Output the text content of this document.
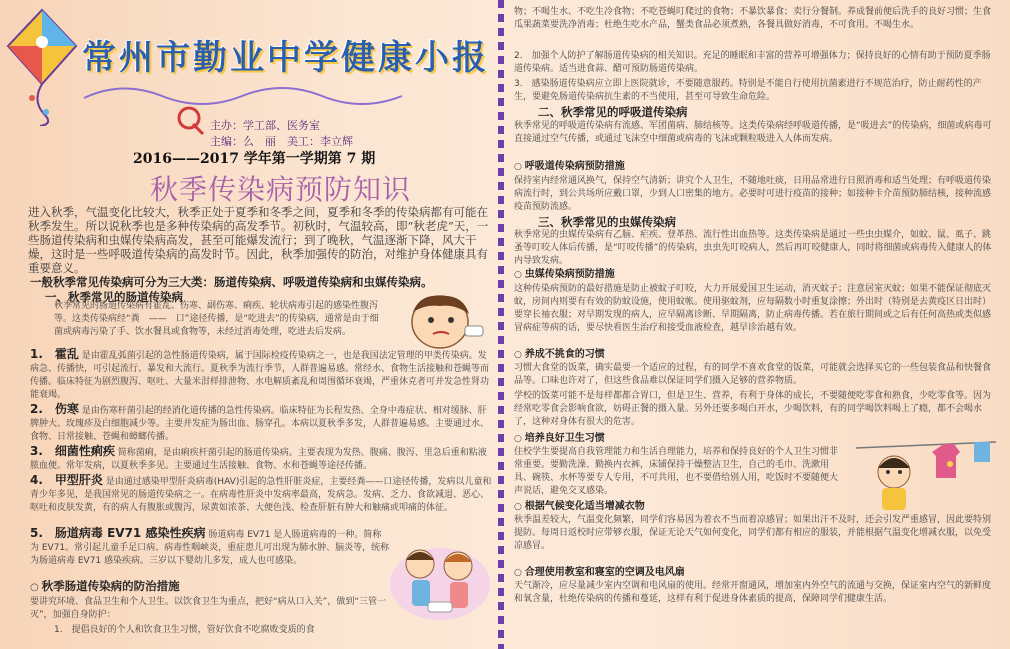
常州市勤业中学健康小报
主办：学工部、医务室
主编：么　丽　美工：李立辉
2016——2017 学年第一学期第 7 期
秋季传染病预防知识
进入秋季，气温变化比较大，秋季正处于夏季和冬季之间，夏季和冬季的传染病都有可能在秋季发生。所以说秋季也是多种传染病的高发季节。初秋时，气温较高，即“秋老虎”天，一些肠道传染病和虫媒传染病高发，甚至可能爆发流行；到了晚秋，气温逐渐下降，风大干燥，这时是一些呼吸道传染病的高发时节。因此，秋季加强传的防治，对维护身体健康具有重要意义。
一般秋季常见传染病可分为三大类：肠道传染病、呼吸道传染病和虫媒传染病。
一、秋季常见的肠道传染病
秋季常见的肠道传染病有霍乱、伤寒、副伤寒、痢疾、轮状病毒引起的感染性腹泻等。这类传染病经“粪　——　口”途径传播，是“吃进去”的传染病，通常是由于细菌或病毒污染了手、饮水餐具或食物等，未经过消毒处理，吃进去后发病。

1.　霍乱 是由霍乱弧菌引起的急性肠道传染病，属于国际检疫传染病之一，也是我国法定管理的甲类传染病。发病急、传播快，可引起流行、暴发和大流行。夏秋季为流行季节，人群普遍易感。常经水、食物生活接触和苍蝇等而传播。临床特征为剧烈腹泻、呕吐、大量米泔样排泄物、水电解质紊乱和周围循环衰竭，严重休克者可并发急性肾功能衰竭。

2.　伤寒 是由伤寒杆菌引起的经消化道传播的急性传染病。临床特征为长程发热、全身中毒症状、相对缓脉、肝脾肿大、玫瑰疹及白细胞减少等。主要并发症为肠出血、肠穿孔。本病以夏秋季多发，人群普遍易感。主要通过水、食物、日常接触、苍蝇和蟑螂传播。

3.　细菌性痢疾 简称菌痢，是由痢疾杆菌引起的肠道传染病。主要表现为发热、腹痛、腹泻、里急后重和粘液脓血便。常年发病，以夏秋季多见。主要通过生活接触、食物、水和苍蝇等途径传播。

4.　甲型肝炎 是由通过感染甲型肝炎病毒(HAV)引起的急性肝脏炎症，主要经粪——口途径传播，发病以儿童和青少年多见，是我国常见的肠道传染病之一。在病毒性肝炎中发病率最高，发病急。发病、乏力、食欲减退、恶心、呕吐和皮肤发黄，有的病人有腹胀或腹泻，尿黄如浓茶、大便色浅、检查肝脏有肿大和触痛或叩痛的体征。

5.　肠道病毒 EV71 感染性疾病 肠道病毒 EV71 是人肠道病毒的一种。简称为 EV71。常引起儿童手足口病、病毒性咽峡炎，重症患儿可出现为肺水肿、脑炎等，统称为肠道病毒 EV71 感染疾病。三岁以下婴幼儿多发，成人也可感染。
○ 秋季肠道传染病的防治措施
要讲究环境、食品卫生和个人卫生。以饮食卫生为重点，把好“病从口入关”，做到“三管一灭”，加强自身防护：
1.　提倡良好的个人和饮食卫生习惯，管好饮食不吃腐败变质的食
物；不喝生水、不吃生冷食物；不吃苍蝇叮爬过的食物；不暴饮暴食；卖行分餐制。养成餐前便后洗手的良好习惯；生食瓜果蔬菜要洗净消毒；杜绝生吃水产品，蟹类食品必须煮熟，各餐具做好消毒，不可食用。不喝生水。
2.　加强个人防护了解肠道传染病的相关知识。充足的睡眠和丰富的营养可增强体力；保持良好的心情有助于预防夏季肠道传染病。适当进食蒜、醋可预防肠道传染病。
3.　感染肠道传染病应立即上医院就诊，不要随意服药。特别是不能自行使用抗菌素进行不规范治疗，防止耐药性的产生，要避免肠道传染病抗生素的不当使用，甚至可导致生命危险。
二、秋季常见的呼吸道传染病
秋季常见的呼吸道传染病有流感、军团菌病、肺结核等。这类传染病经呼吸道传播，是“吸进去”的传染病，细菌或病毒可直接通过空气传播，或通过飞沫空中细菌或病毒的飞沫或颗粒吸进入人体而发病。
○ 呼吸道传染病预防措施
保持室内经常通风换气，保持空气清新；讲究个人卫生，不随地吐痰，日用品常进行日照消毒和适当处理；有呼吸道传染病流行时，到公共场所应戴口罩，少到人口密集的地方。必要时可进行疫苗的接种；如接种卡介苗预防肺结核，接种流感疫苗预防流感。
三、秋季常见的虫媒传染病
秋季常见的虫媒传染病有乙脑、疟疾、登革热、流行性出血热等。这类传染病是通过一些虫虫媒介，如蚊、鼠、虱子、跳蚤等叮咬人体后传播，是“叮咬传播”的传染病，虫虫先叮咬病人，然后再叮咬健康人，同时将细菌或病毒传入健康人的体内导致发病。
○ 虫媒传染病预防措施
这种传染病预防的最好措施是防止被蚊子叮咬，大力开展爱国卫生运动，消灭蚊子；注意居室灭蚊；如果不能保证彻底灭蚊，房间内则要有有效的防蚊设施，使用蚊帐。使用驱蚊剂，应每隔数小时重复涂擦；外出时（特别是去黄疫区日出时）要穿长袖衣服；对早期发现的病人，应早隔离诊断、早期隔离，防止病毒传播。若在旅行期间或之后有任何高热或类似感冒病症等病的话，要尽快看医生治疗和接受血液检查，越早诊治越有效。
○ 养成不挑食的习惯
习惯大食堂的饭菜，确实最要一个适应的过程，有的同学不喜欢食堂的饭菜，可能就会选择买它的一些包装食品和快餐食品等。口味也许对了，但这些食品难以保证同学们摄入足够的营养物质。
学校的饭菜可能不是每样都都合胃口，但是卫生、营养，有利于身体的成长，不要随便吃零食和熟食，少吃零食等。因为经常吃零食会影响食欲，妨碍正餐的摄入量。另外还要多喝白开水，少喝饮料，有的同学喝饮料喝上了瘾，都不会喝水了，这种对身体有很大的危害。
○ 培养良好卫生习惯
住校学生要提高自我管理能力和生活自理能力，培养和保持良好的个人卫生习惯非常重要。要勤洗澡、勤换内衣裤，床铺保持干燥整洁卫生，自己的毛巾、洗漱用具、碗筷、水杯等要专人专用，不可共用，也不要借给别人用，吃饭时不要随便大声说话，避免交叉感染。
○ 根据气候变化适当增减衣物
秋季温差较大，气温变化频繁，同学们容易因为着衣不当而着凉感冒；如果出汗不及时，还会引发严重感冒，因此要特别提防。每周日返校时应带够衣服，保证无论天气如何变化，同学们都有相应的服装，并能根据气温变化增减衣服，以免受凉感冒。
○ 合理使用教室和寝室的空调及电风扇
天气渐冷，应尽量减少室内空调和电风扇的使用。经常开窗通风，增加室内外空气的流通与交换，保证室内空气的新鲜度和氧含量，杜绝传染病的传播和蔓延，这样有利于促进身体素质的提高，保障同学们健康生活。
